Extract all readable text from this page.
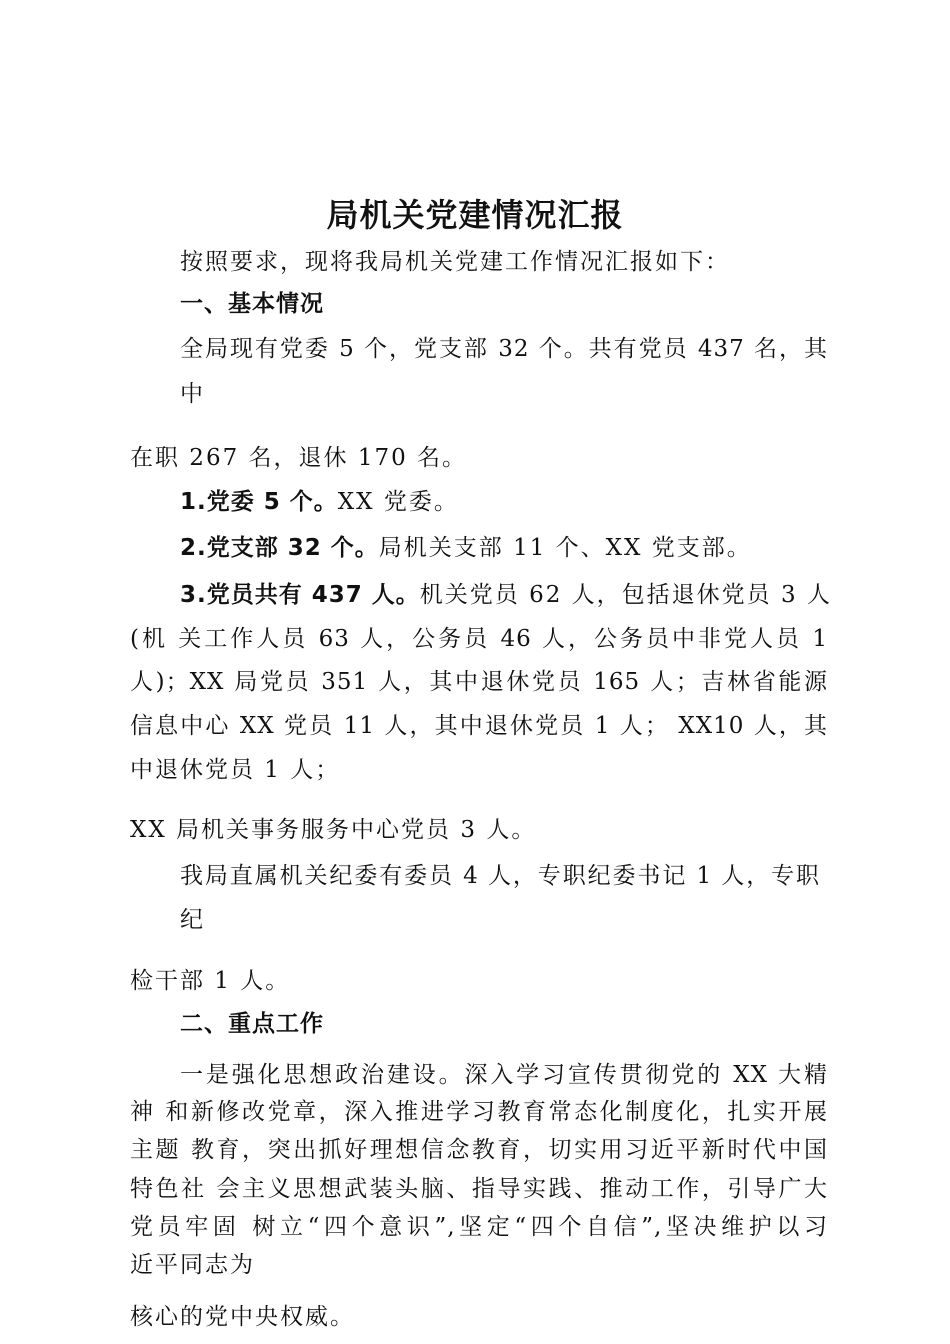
局机关党建情况汇报
按照要求，现将我局机关党建工作情况汇报如下：
一、基本情况
全局现有党委 5 个，党支部 32 个。共有党员 437 名，其
中
在职 267 名，退休 170 名。
1.党委 5 个。XX 党委。
2.党支部 32 个。局机关支部 11 个、XX 党支部。
3.党员共有 437 人。机关党员 62 人，包括退休党员 3 人
(机 关工作人员 63 人，公务员 46 人，公务员中非党人员 1
人)；XX 局党员 351 人，其中退休党员 165 人；吉林省能源
信息中心 XX 党员 11 人，其中退休党员 1 人； XX10 人，其
中退休党员 1 人；
XX 局机关事务服务中心党员 3 人。
我局直属机关纪委有委员 4 人，专职纪委书记 1 人，专职
纪
检干部 1 人。
二、重点工作
一是强化思想政治建设。深入学习宣传贯彻党的 XX 大精
神 和新修改党章，深入推进学习教育常态化制度化，扎实开展
主题 教育，突出抓好理想信念教育，切实用习近平新时代中国
特色社 会主义思想武装头脑、指导实践、推动工作，引导广大
党员牢固 树立“四个意识”,坚定“四个自信”,坚决维护以习
近平同志为
核心的党中央权威。
